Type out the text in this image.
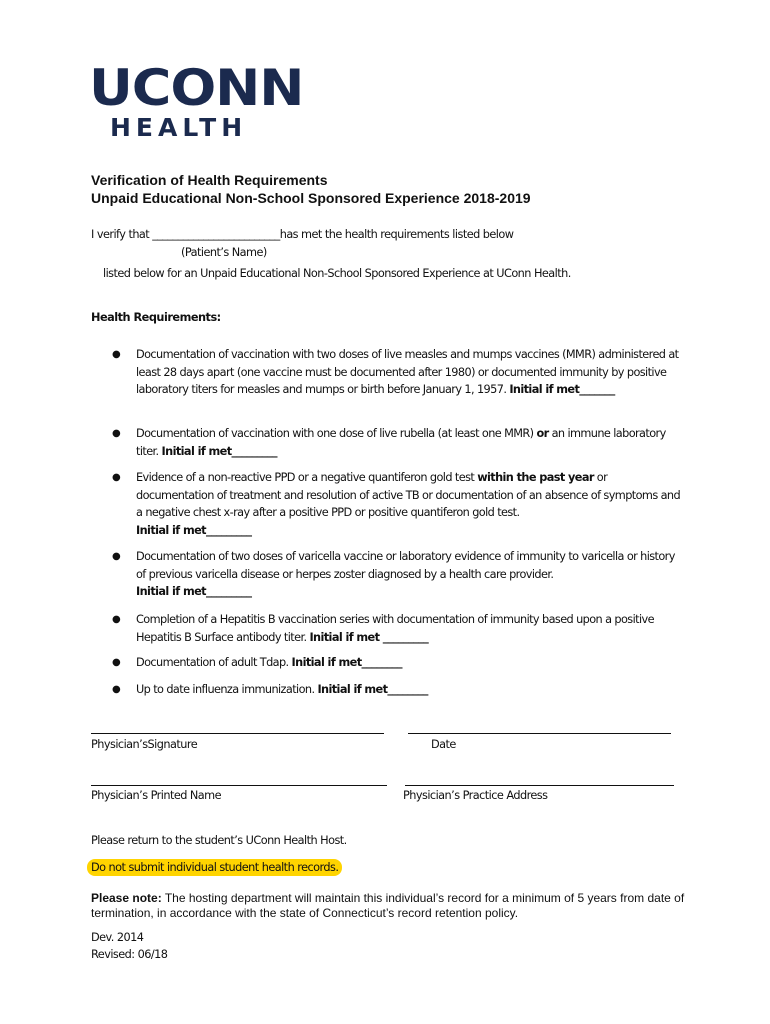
UCONN
HEALTH
Verification of Health Requirements
Unpaid Educational Non-School Sponsored Experience 2018-2019
I verify that _________________________has met the health requirements listed below
(Patient’s Name)
listed below for an Unpaid Educational Non-School Sponsored Experience at UConn Health.
Health Requirements:
● Documentation of vaccination with two doses of live measles and mumps vaccines (MMR) administered at least 28 days apart (one vaccine must be documented after 1980) or documented immunity by positive laboratory titers for measles and mumps or birth before January 1, 1957. Initial if met_______
● Documentation of vaccination with one dose of live rubella (at least one MMR) or an immune laboratory titer. Initial if met_________
● Evidence of a non-reactive PPD or a negative quantiferon gold test within the past year or documentation of treatment and resolution of active TB or documentation of an absence of symptoms and a negative chest x-ray after a positive PPD or positive quantiferon gold test.
Initial if met_________
● Documentation of two doses of varicella vaccine or laboratory evidence of immunity to varicella or history of previous varicella disease or herpes zoster diagnosed by a health care provider.
Initial if met_________
● Completion of a Hepatitis B vaccination series with documentation of immunity based upon a positive Hepatitis B Surface antibody titer. Initial if met _________
● Documentation of adult Tdap. Initial if met________
● Up to date influenza immunization. Initial if met________
Physician’sSignature	Date
Physician’s Printed Name	Physician’s Practice Address
Please return to the student’s UConn Health Host.
Do not submit individual student health records.
Please note: The hosting department will maintain this individual’s record for a minimum of 5 years from date of termination, in accordance with the state of Connecticut’s record retention policy.
Dev. 2014
Revised: 06/18
